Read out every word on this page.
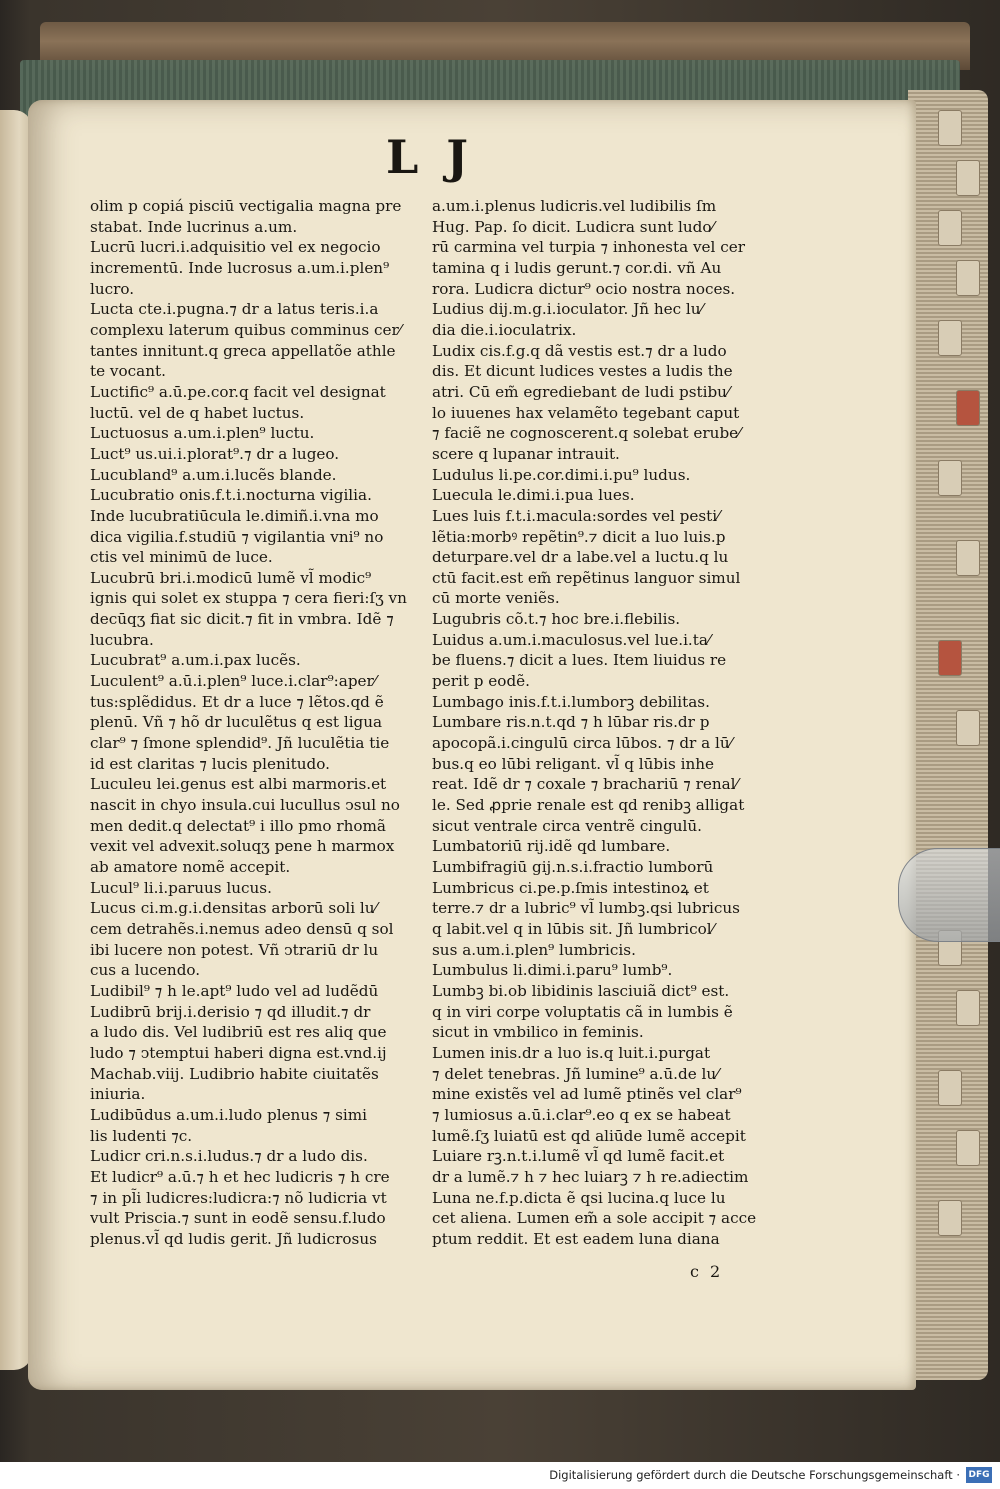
L J
olim p copiá pisciū vectigalia magna pre
stabat. Inde lucrinus a.um.
Lucrū lucri.i.adquisitio vel ex negocio
incrementū. Inde lucrosus a.um.i.plen⁹
lucro.
Lucta cte.i.pugna.⁊ dr a latus teris.i.a
complexu laterum quibus comminus cer⁄
tantes innitunt.q greca appellatõe athle
te vocant.
Luctific⁹ a.ū.pe.cor.q facit vel designat
luctū. vel de q habet luctus.
Luctuosus a.um.i.plen⁹ luctu.
Luct⁹ us.ui.i.plorat⁹.⁊ dr a lugeo.
Lucubland⁹ a.um.i.lucẽs blande.
Lucubratio onis.f.t.i.nocturna vigilia.
Inde lucubratiūcula le.dimiñ.i.vna mo
dica vigilia.f.studiū ⁊ vigilantia vni⁹ no
ctis vel minimū de luce.
Lucubrū bri.i.modicū lumẽ vl̃ modic⁹
ignis qui solet ex stuppa ⁊ cera fieri:ſʒ vn
decūqʒ fiat sic dicit.⁊ fit in vmbra. Idẽ ⁊
lucubra.
Lucubrat⁹ a.um.i.pax lucẽs.
Luculent⁹ a.ū.i.plen⁹ luce.i.clar⁹:aper⁄
tus:splẽdidus. Et dr a luce ⁊ lẽtos.qd ẽ
plenū. Vñ ⁊ hõ dr luculẽtus q est ligua
clar⁹ ⁊ ſmone splendid⁹. Jñ luculẽtia tie
id est claritas ⁊ lucis plenitudo.
Luculeu lei.genus est albi marmoris.et
nascit in chyo insula.cui lucullus ↄsul no
men dedit.q delectat⁹ i illo pmo rhomã
vexit vel advexit.soluqʒ pene h marmox
ab amatore nomẽ accepit.
Lucul⁹ li.i.paruus lucus.
Lucus ci.m.g.i.densitas arborū soli lu⁄
cem detrahẽs.i.nemus adeo densū q sol
ibi lucere non potest. Vñ ↄtrariū dr lu
cus a lucendo.
Ludibil⁹ ⁊ h le.apt⁹ ludo vel ad ludẽdū
Ludibrū brij.i.derisio ⁊ qd illudit.⁊ dr
a ludo dis. Vel ludibriū est res aliq que
ludo ⁊ ↄtemptui haberi digna est.vnd.ij
Machab.viij. Ludibrio habite ciuitatẽs
iniuria.
Ludibūdus a.um.i.ludo plenus ⁊ simi
lis ludenti ⁊c.
Ludicr cri.n.s.i.ludus.⁊ dr a ludo dis.
Et ludicr⁹ a.ū.⁊ h et hec ludicris ⁊ h cre
⁊ in pl̃i ludicres:ludicra:⁊ nõ ludicria vt
vult Priscia.⁊ sunt in eodẽ sensu.f.ludo
plenus.vl̃ qd ludis gerit. Jñ ludicrosus
a.um.i.plenus ludicris.vel ludibilis ſm
Hug. Pap. ſo dicit. Ludicra sunt ludo⁄
rū carmina vel turpia ⁊ inhonesta vel cer
tamina q i ludis gerunt.⁊ cor.di. vñ Au
rora. Ludicra dictur⁹ ocio nostra noces.
Ludius dij.m.g.i.ioculator. Jñ hec lu⁄
dia die.i.ioculatrix.
Ludix cis.f.g.q dã vestis est.⁊ dr a ludo
dis. Et dicunt ludices vestes a ludis the
atri. Cū em̃ egrediebant de ludi pstibu⁄
lo iuuenes hax velamẽto tegebant caput
⁊ faciẽ ne cognoscerent.q solebat erube⁄
scere q lupanar intrauit.
Ludulus li.pe.cor.dimi.i.pu⁹ ludus.
Luecula le.dimi.i.pua lues.
Lues luis f.t.i.macula:sordes vel pesti⁄
lẽtia:morbꝰ repẽtin⁹.⁊ dicit a luo luis.p
deturpare.vel dr a labe.vel a luctu.q lu
ctū facit.est em̃ repẽtinus languor simul
cū morte veniẽs.
Lugubris cõ.t.⁊ hoc bre.i.flebilis.
Luidus a.um.i.maculosus.vel lue.i.ta⁄
be fluens.⁊ dicit a lues. Item liuidus re
perit p eodẽ.
Lumbago inis.f.t.i.lumborꝫ debilitas.
Lumbare ris.n.t.qd ⁊ h lūbar ris.dr p
apocopã.i.cingulū circa lūbos. ⁊ dr a lū⁄
bus.q eo lūbi religant. vl̃ q lūbis inhe
reat. Idẽ dr ⁊ coxale ⁊ brachariū ⁊ renal⁄
le. Sed ꝓprie renale est qd renibꝫ alligat
sicut ventrale circa ventrẽ cingulū.
Lumbatoriū rij.idẽ qd lumbare.
Lumbifragiū gij.n.s.i.fractio lumborū
Lumbricus ci.pe.p.ſmis intestinoꝝ et
terre.⁊ dr a lubric⁹ vl̃ lumbꝫ.qsi lubricus
q labit.vel q in lūbis sit. Jñ lumbricol⁄
sus a.um.i.plen⁹ lumbricis.
Lumbulus li.dimi.i.paru⁹ lumb⁹.
Lumbꝫ bi.ob libidinis lasciuiã dict⁹ est.
q in viri corpe voluptatis cã in lumbis ẽ
sicut in vmbilico in feminis.
Lumen inis.dr a luo is.q luit.i.purgat
⁊ delet tenebras. Jñ lumine⁹ a.ū.de lu⁄
mine existẽs vel ad lumẽ ptinẽs vel clar⁹
⁊ lumiosus a.ū.i.clar⁹.eo q ex se habeat
lumẽ.ſʒ luiatū est qd aliūde lumẽ accepit
Luiare rꝫ.n.t.i.lumẽ vl̃ qd lumẽ facit.et
dr a lumẽ.⁊ h ⁊ hec luiarꝫ ⁊ h re.adiectim
Luna ne.f.p.dicta ẽ qsi lucina.q luce lu
cet aliena. Lumen em̃ a sole accipit ⁊ acce
ptum reddit. Et est eadem luna diana
c 2
Digitalisierung gefördert durch die Deutsche Forschungsgemeinschaft · DFG
